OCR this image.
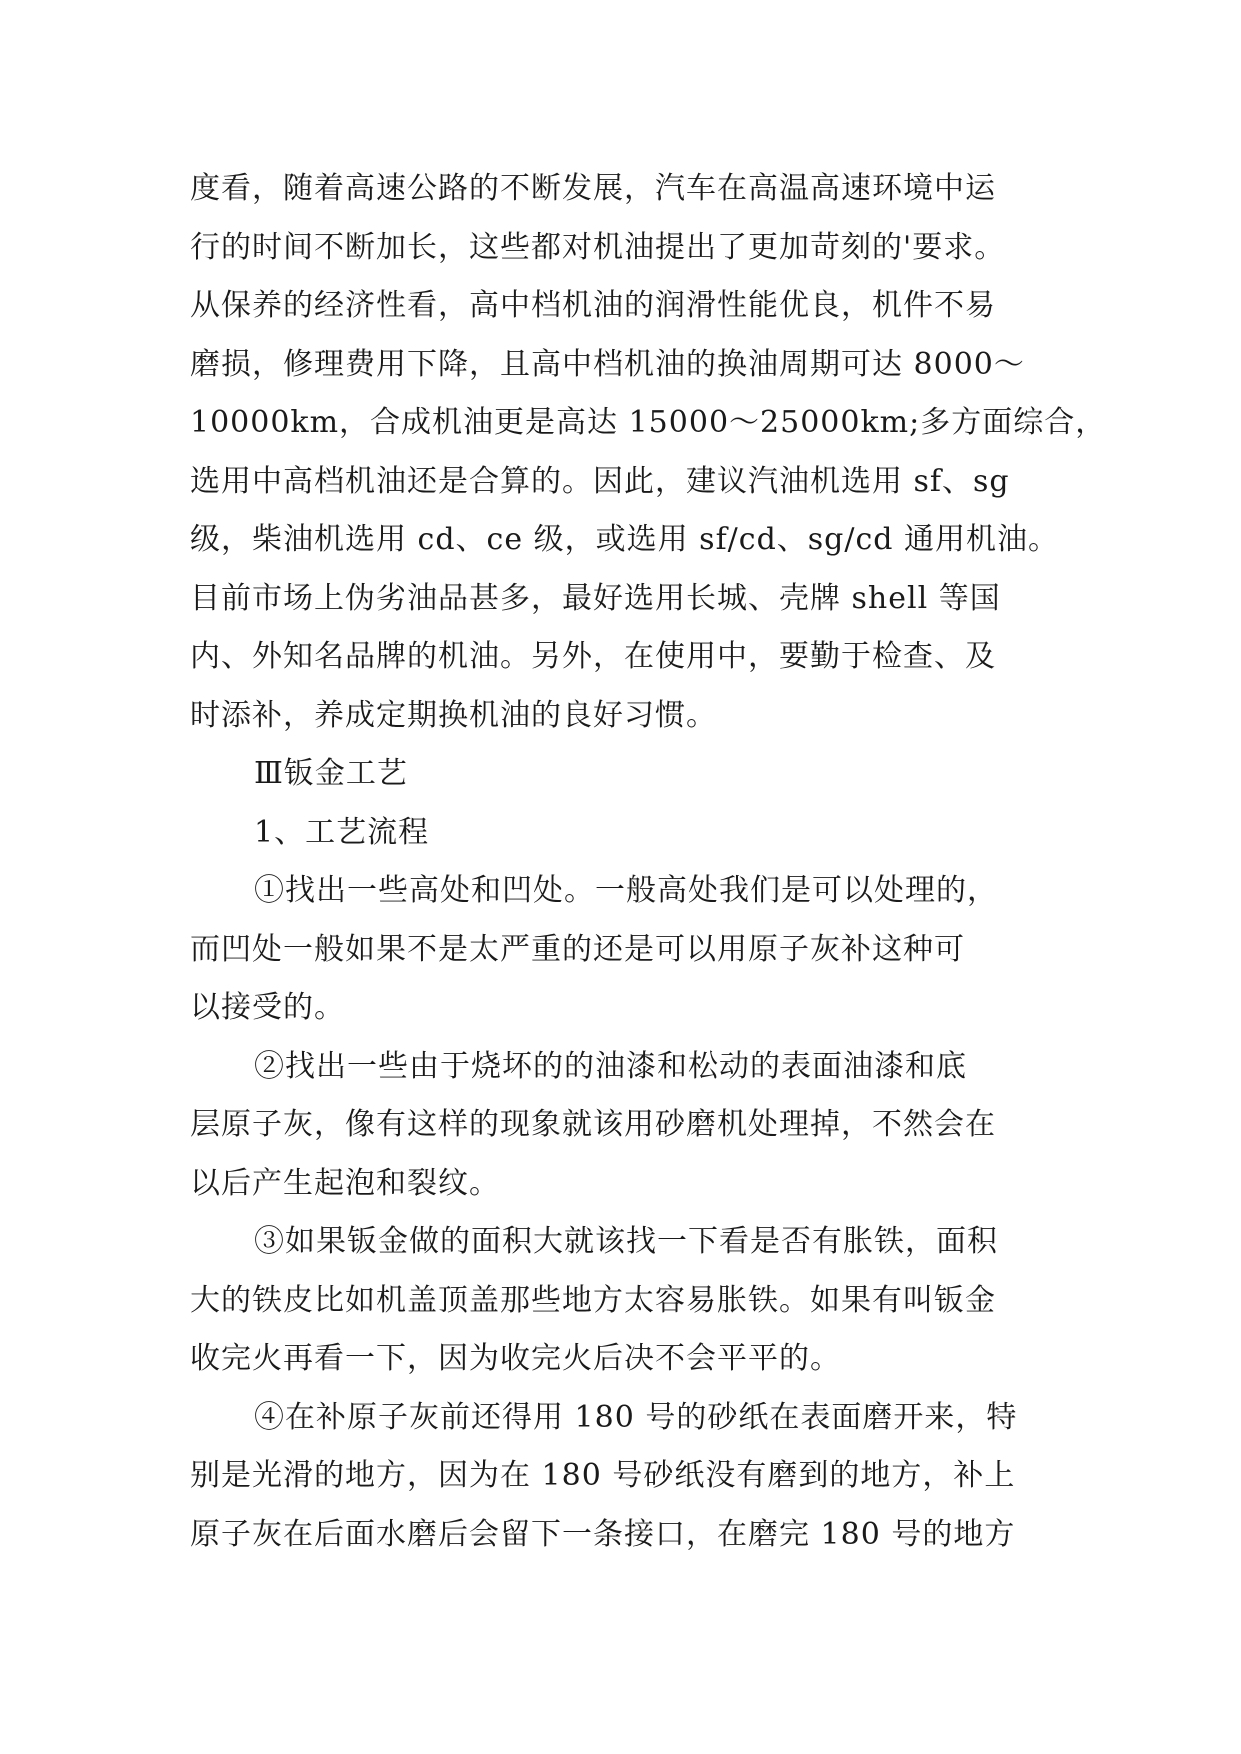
度看，随着高速公路的不断发展，汽车在高温高速环境中运
行的时间不断加长，这些都对机油提出了更加苛刻的'要求。
从保养的经济性看，高中档机油的润滑性能优良，机件不易
磨损，修理费用下降，且高中档机油的换油周期可达 8000～
10000km，合成机油更是高达 15000～25000km;多方面综合，
选用中高档机油还是合算的。因此，建议汽油机选用 sf、sg
级，柴油机选用 cd、ce 级，或选用 sf/cd、sg/cd 通用机油。
目前市场上伪劣油品甚多，最好选用长城、壳牌 shell 等国
内、外知名品牌的机油。另外，在使用中，要勤于检查、及
时添补，养成定期换机油的良好习惯。
Ⅲ钣金工艺
1、工艺流程
①找出一些高处和凹处。一般高处我们是可以处理的，
而凹处一般如果不是太严重的还是可以用原子灰补这种可
以接受的。
②找出一些由于烧坏的的油漆和松动的表面油漆和底
层原子灰，像有这样的现象就该用砂磨机处理掉，不然会在
以后产生起泡和裂纹。
③如果钣金做的面积大就该找一下看是否有胀铁，面积
大的铁皮比如机盖顶盖那些地方太容易胀铁。如果有叫钣金
收完火再看一下，因为收完火后决不会平平的。
④在补原子灰前还得用 180 号的砂纸在表面磨开来，特
别是光滑的地方，因为在 180 号砂纸没有磨到的地方，补上
原子灰在后面水磨后会留下一条接口，在磨完 180 号的地方
